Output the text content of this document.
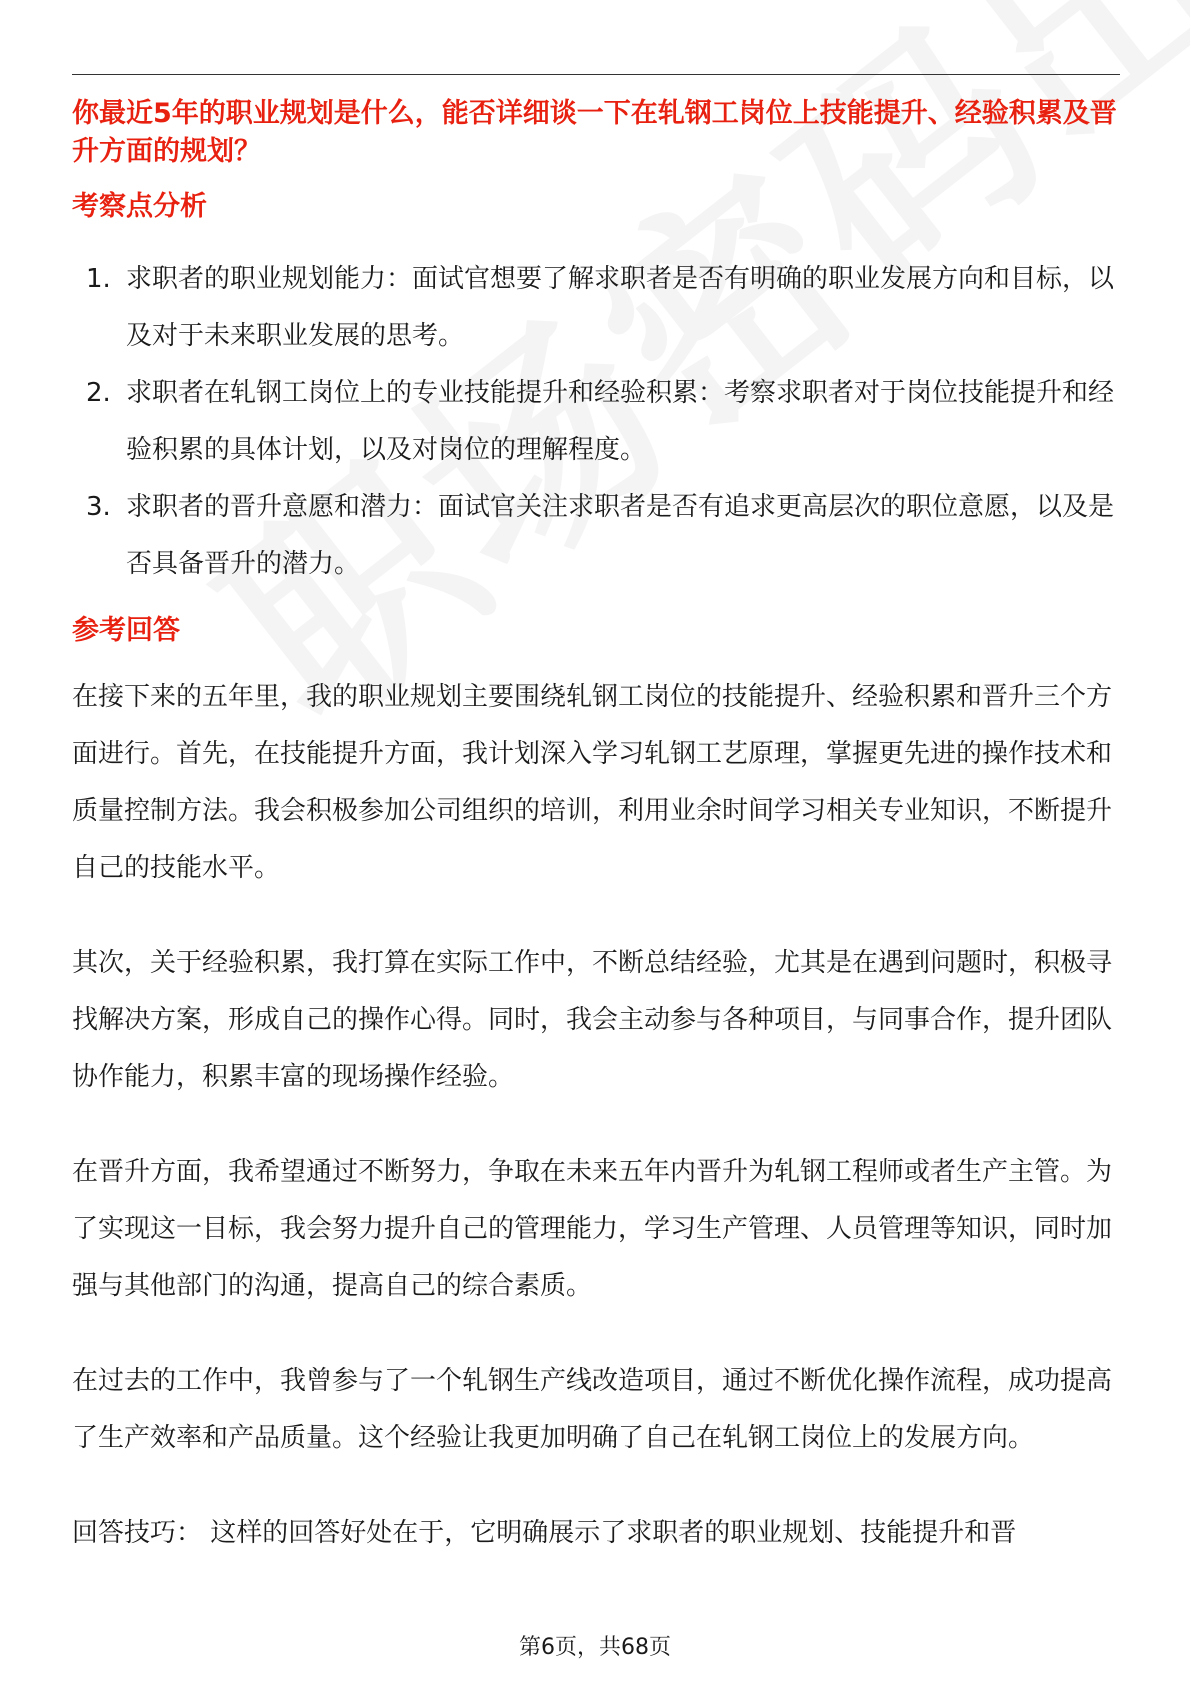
你最近5年的职业规划是什么，能否详细谈一下在轧钢工岗位上技能提升、经验积累及晋升方面的规划？

考察点分析

1. 求职者的职业规划能力：面试官想要了解求职者是否有明确的职业发展方向和目标，以及对于未来职业发展的思考。
2. 求职者在轧钢工岗位上的专业技能提升和经验积累：考察求职者对于岗位技能提升和经验积累的具体计划，以及对岗位的理解程度。
3. 求职者的晋升意愿和潜力：面试官关注求职者是否有追求更高层次的职位意愿，以及是否具备晋升的潜力。

参考回答

在接下来的五年里，我的职业规划主要围绕轧钢工岗位的技能提升、经验积累和晋升三个方面进行。首先，在技能提升方面，我计划深入学习轧钢工艺原理，掌握更先进的操作技术和质量控制方法。我会积极参加公司组织的培训，利用业余时间学习相关专业知识，不断提升自己的技能水平。

其次，关于经验积累，我打算在实际工作中，不断总结经验，尤其是在遇到问题时，积极寻找解决方案，形成自己的操作心得。同时，我会主动参与各种项目，与同事合作，提升团队协作能力，积累丰富的现场操作经验。

在晋升方面，我希望通过不断努力，争取在未来五年内晋升为轧钢工程师或者生产主管。为了实现这一目标，我会努力提升自己的管理能力，学习生产管理、人员管理等知识，同时加强与其他部门的沟通，提高自己的综合素质。

在过去的工作中，我曾参与了一个轧钢生产线改造项目，通过不断优化操作流程，成功提高了生产效率和产品质量。这个经验让我更加明确了自己在轧钢工岗位上的发展方向。

回答技巧： 这样的回答好处在于，它明确展示了求职者的职业规划、技能提升和晋

第6页，共68页
